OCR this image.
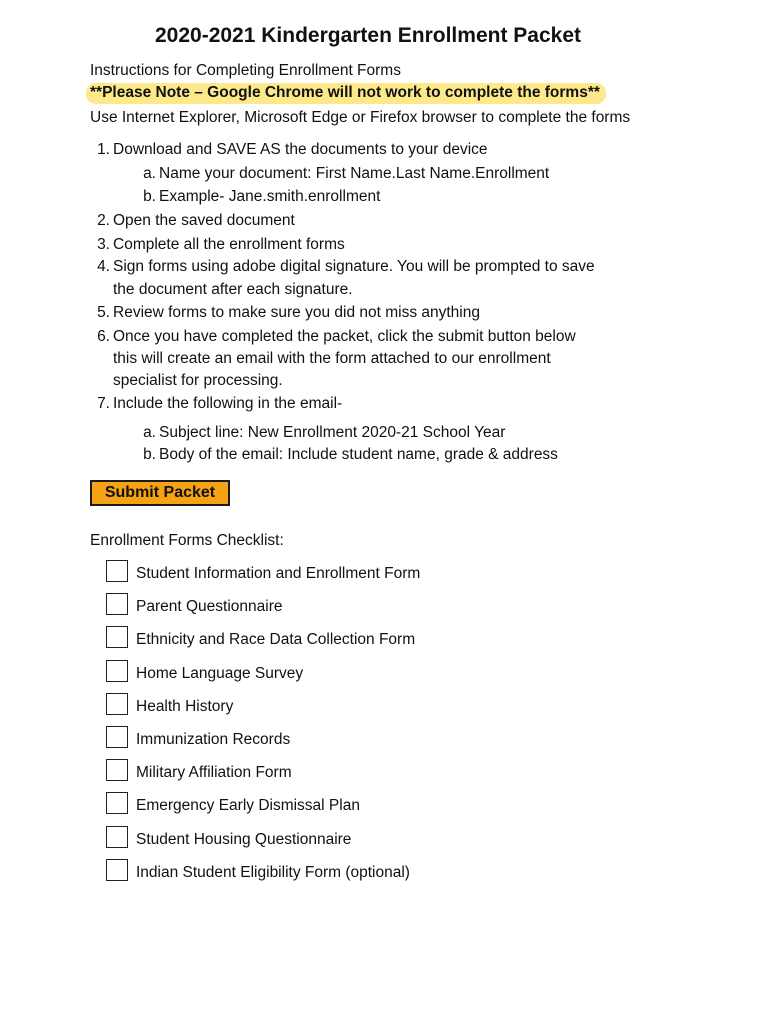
2020-2021 Kindergarten Enrollment Packet
Instructions for Completing Enrollment Forms
**Please Note – Google Chrome will not work to complete the forms**
Use Internet Explorer, Microsoft Edge or Firefox browser to complete the forms
1. Download and SAVE AS the documents to your device
a. Name your document: First Name.Last Name.Enrollment
b. Example- Jane.smith.enrollment
2. Open the saved document
3. Complete all the enrollment forms
4. Sign forms using adobe digital signature. You will be prompted to save
the document after each signature.
5. Review forms to make sure you did not miss anything
6. Once you have completed the packet, click the submit button below
this will create an email with the form attached to our enrollment
specialist for processing.
7. Include the following in the email-
a. Subject line: New Enrollment 2020-21 School Year
b. Body of the email: Include student name, grade & address
Submit Packet
Enrollment Forms Checklist:
Student Information and Enrollment Form
Parent Questionnaire
Ethnicity and Race Data Collection Form
Home Language Survey
Health History
Immunization Records
Military Affiliation Form
Emergency Early Dismissal Plan
Student Housing Questionnaire
Indian Student Eligibility Form (optional)
